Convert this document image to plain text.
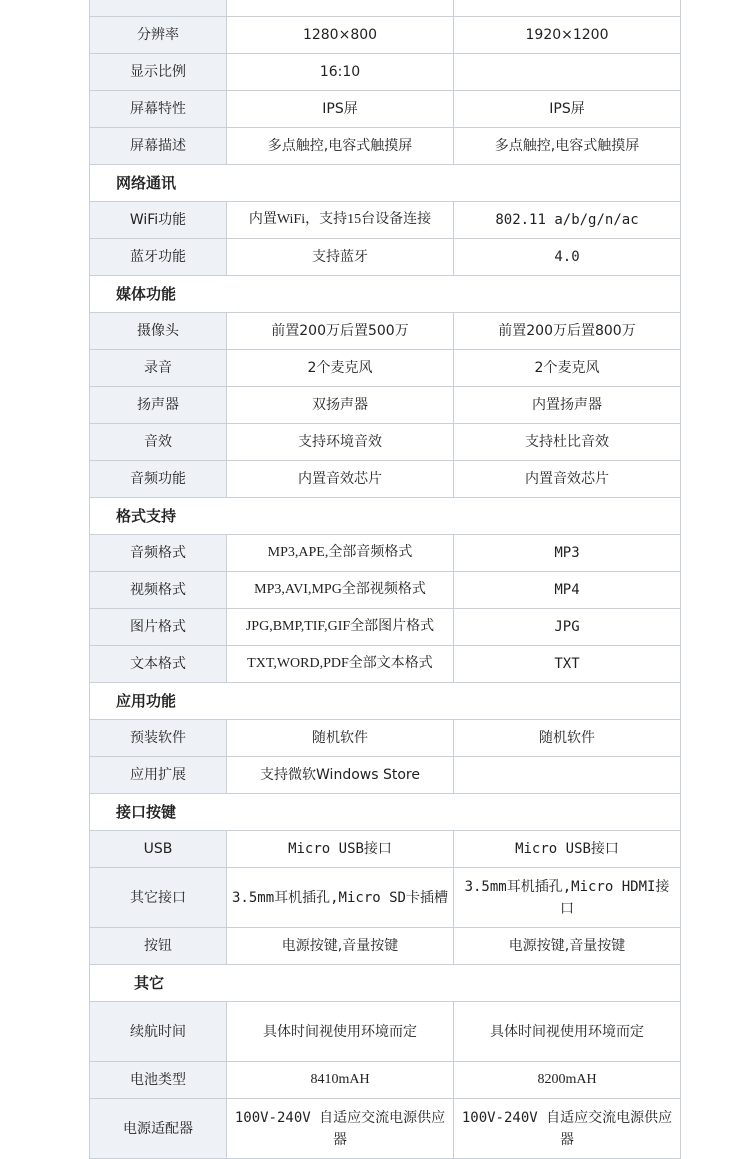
分辨率	1280×800	1920×1200
显示比例	16:10	
屏幕特性	IPS屏	IPS屏
屏幕描述	多点触控,电容式触摸屏	多点触控,电容式触摸屏
网络通讯		
WiFi功能	内置WiFi，支持15台设备连接	802.11 a/b/g/n/ac
蓝牙功能	支持蓝牙	4.0
媒体功能		
摄像头	前置200万后置500万	前置200万后置800万
录音	2个麦克风	2个麦克风
扬声器	双扬声器	内置扬声器
音效	支持环境音效	支持杜比音效
音频功能	内置音效芯片	内置音效芯片
格式支持		
音频格式	MP3,APE,全部音频格式	MP3
视频格式	MP3,AVI,MPG全部视频格式	MP4
图片格式	JPG,BMP,TIF,GIF全部图片格式	JPG
文本格式	TXT,WORD,PDF全部文本格式	TXT
应用功能		
预装软件	随机软件	随机软件
应用扩展	支持微软Windows Store	
接口按键		
USB	Micro USB接口	Micro USB接口
其它接口	3.5mm耳机插孔,Micro SD卡插槽	3.5mm耳机插孔,Micro HDMI接口
按钮	电源按键,音量按键	电源按键,音量按键
其它		
续航时间	具体时间视使用环境而定	具体时间视使用环境而定
电池类型	8410mAH	8200mAH
电源适配器	100V-240V 自适应交流电源供应器	100V-240V 自适应交流电源供应器
